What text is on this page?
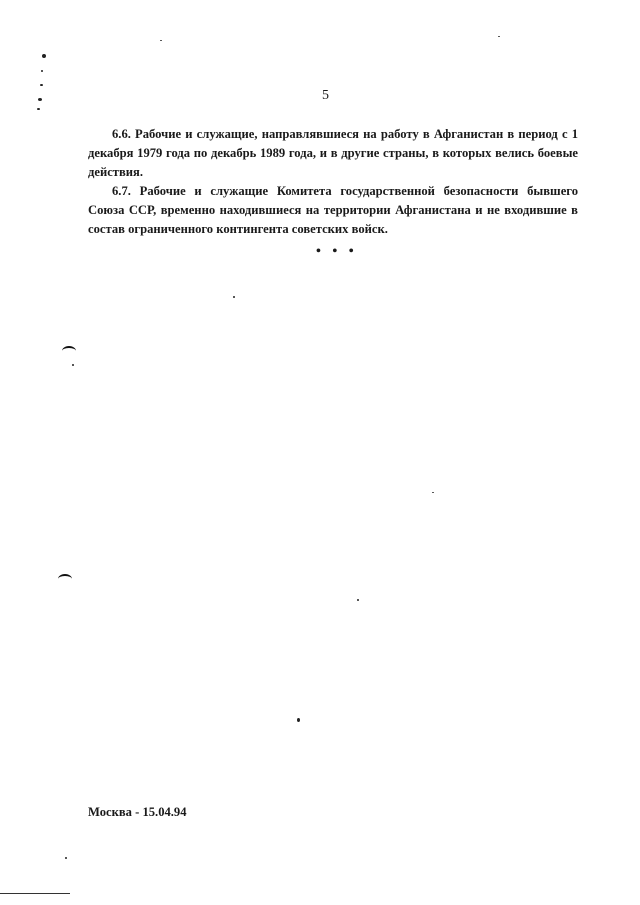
5

6.6. Рабочие и служащие, направлявшиеся на работу в Афганистан в период с 1 декабря 1979 года по декабрь 1989 года, и в другие страны, в которых велись боевые действия.

6.7. Рабочие и служащие Комитета государственной безопасности бывшего Союза ССР, временно находившиеся на территории Афганистана и не входившие в состав ограниченного контингента советских войск.

• • •
Москва - 15.04.94
